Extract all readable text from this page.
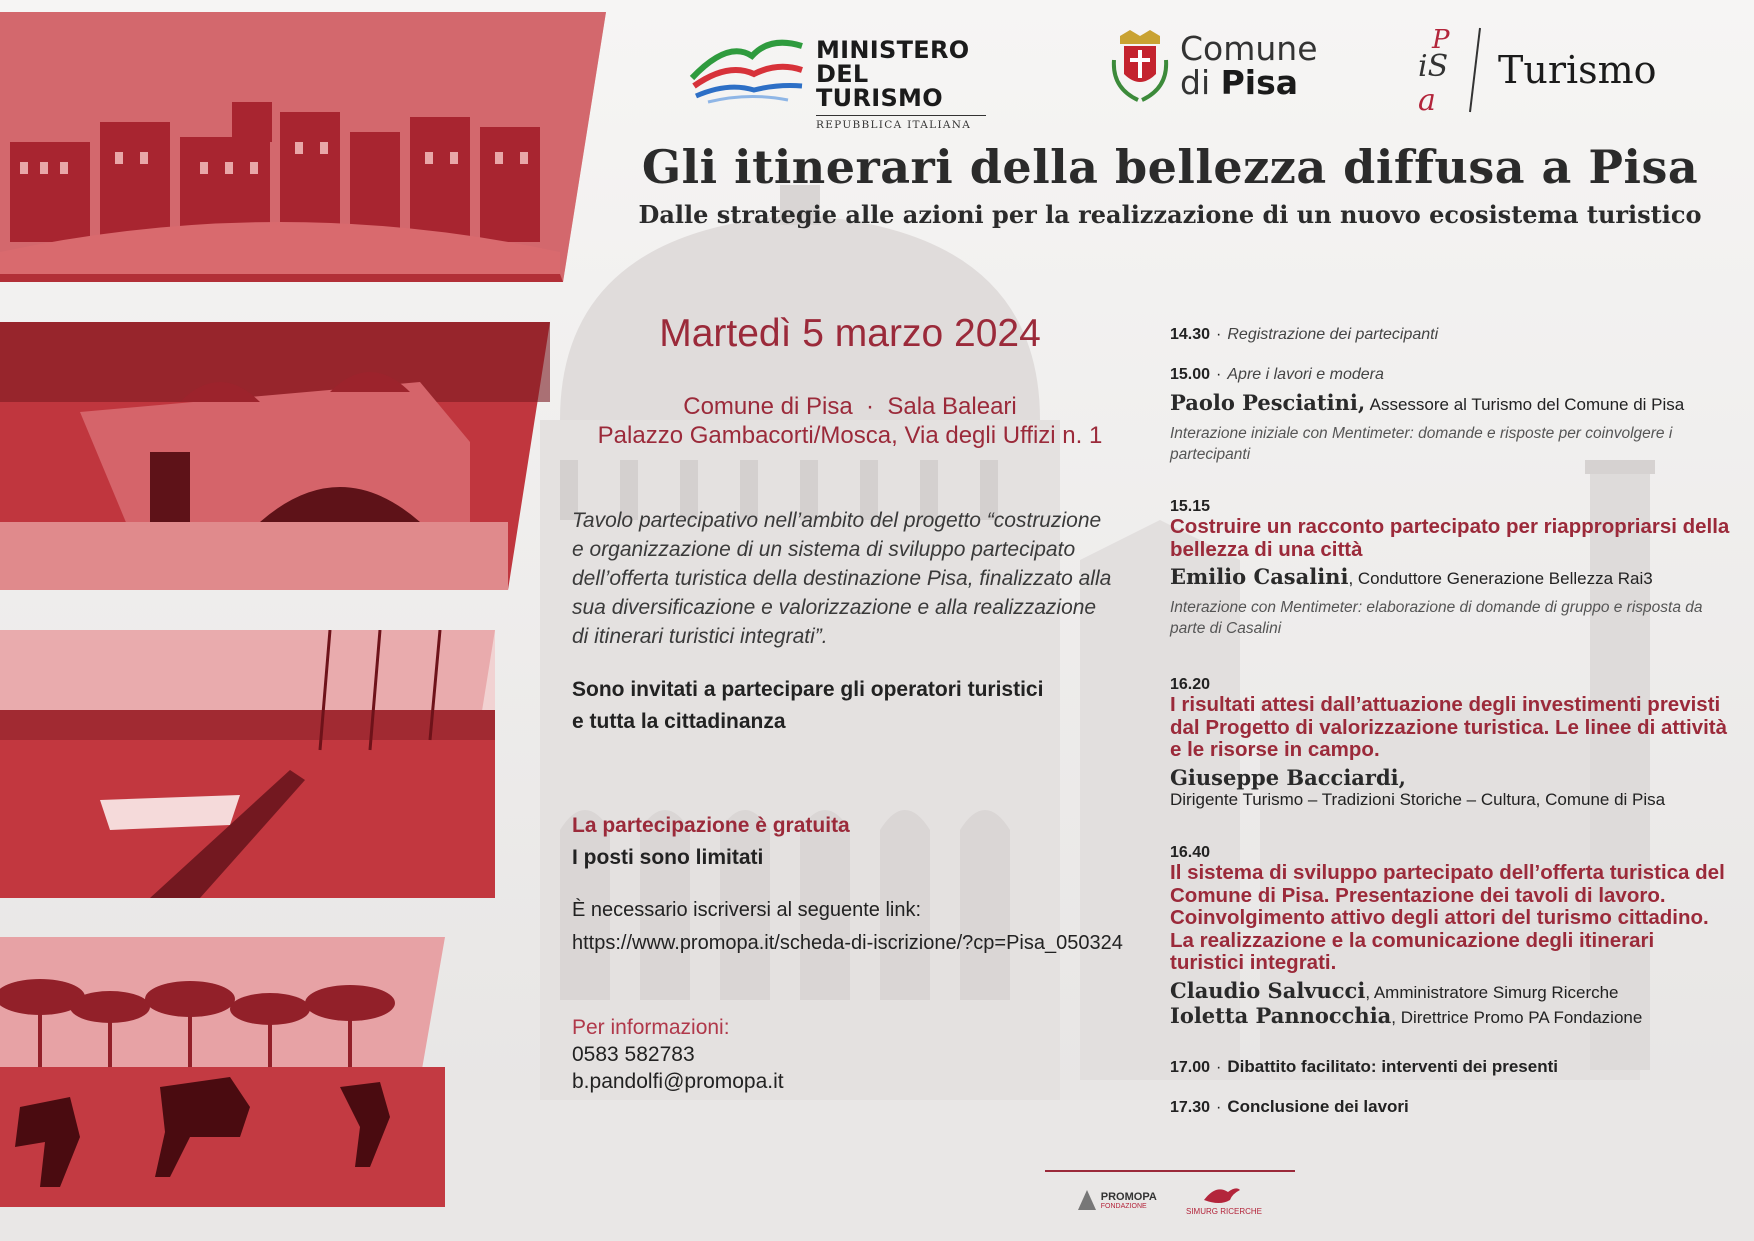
MINISTERO
DEL TURISMO
REPUBBLICA ITALIANA
Comune
di Pisa
P
iS
a
Turismo
Gli itinerari della bellezza diffusa a Pisa
Dalle strategie alle azioni per la realizzazione di un nuovo ecosistema turistico
Martedì 5 marzo 2024
Comune di Pisa  ·  Sala Baleari
Palazzo Gambacorti/Mosca, Via degli Uffizi n. 1
Tavolo partecipativo nell’ambito del progetto “costruzione e organizzazione di un sistema di sviluppo partecipato dell’offerta turistica della destinazione Pisa, finalizzato alla sua diversificazione e valorizzazione e alla realizzazione di itinerari turistici integrati”.
Sono invitati a partecipare gli operatori turistici
e tutta la cittadinanza
La partecipazione è gratuita
I posti sono limitati
È necessario iscriversi al seguente link:
https://www.promopa.it/scheda-di-iscrizione/?cp=Pisa_050324
Per informazioni:
0583 582783
b.pandolfi@promopa.it
14.30 · Registrazione dei partecipanti
15.00 · Apre i lavori e modera
Paolo Pesciatini, Assessore al Turismo del Comune di Pisa
Interazione iniziale con Mentimeter: domande e risposte per coinvolgere i partecipanti
15.15
Costruire un racconto partecipato per riappropriarsi della bellezza di una città
Emilio Casalini, Conduttore Generazione Bellezza Rai3
Interazione con Mentimeter: elaborazione di domande di gruppo e risposta da parte di Casalini
16.20
I risultati attesi dall’attuazione degli investimenti previsti dal Progetto di valorizzazione turistica. Le linee di attività e le risorse in campo.
Giuseppe Bacciardi,
Dirigente Turismo – Tradizioni Storiche – Cultura, Comune di Pisa
16.40
Il sistema di sviluppo partecipato dell’offerta turistica del Comune di Pisa. Presentazione dei tavoli di lavoro. Coinvolgimento attivo degli attori del turismo cittadino. La realizzazione e la comunicazione degli itinerari turistici integrati.
Claudio Salvucci, Amministratore Simurg Ricerche
Ioletta Pannocchia, Direttrice Promo PA Fondazione
17.00 · Dibattito facilitato: interventi dei presenti
17.30 · Conclusione dei lavori

PROMOPA
FONDAZIONE
SIMURG RICERCHE
